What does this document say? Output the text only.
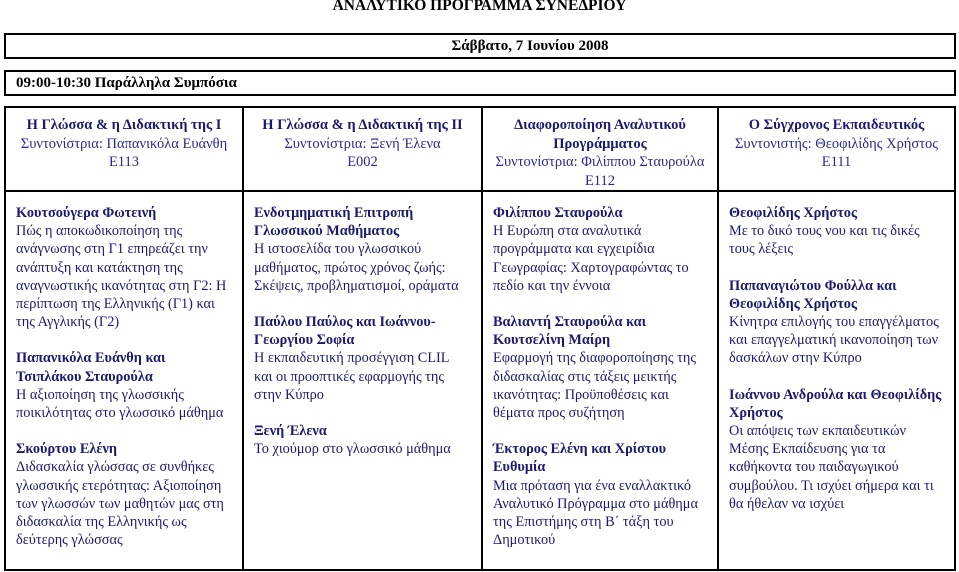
ΑΝΑΛΥΤΙΚΟ ΠΡΟΓΡΑΜΜΑ ΣΥΝΕΔΡΙΟΥ
Σάββατο, 7 Ιουνίου 2008
09:00-10:30 Παράλληλα Συμπόσια
Η Γλώσσα & η Διδακτική της Ι
Συντονίστρια: Παπανικόλα Ευάνθη
Ε113
Κουτσούγερα Φωτεινή
Πώς η αποκωδικοποίηση της ανάγνωσης στη Γ1 επηρεάζει την ανάπτυξη και κατάκτηση της αναγνωστικής ικανότητας στη Γ2: Η περίπτωση της Ελληνικής (Γ1) και της Αγγλικής (Γ2)
Παπανικόλα Ευάνθη και Τσιπλάκου Σταυρούλα
Η αξιοποίηση της γλωσσικής ποικιλότητας στο γλωσσικό μάθημα
Σκούρτου Ελένη
Διδασκαλία γλώσσας σε συνθήκες γλωσσικής ετερότητας: Αξιοποίηση των γλωσσών των μαθητών μας στη διδασκαλία της Ελληνικής ως δεύτερης γλώσσας
Η Γλώσσα & η Διδακτική της ΙΙ
Συντονίστρια: Ξενή Έλενα
Ε002
Ενδοτμηματική Επιτροπή Γλωσσικού Μαθήματος
Η ιστοσελίδα του γλωσσικού μαθήματος, πρώτος χρόνος ζωής: Σκέψεις, προβληματισμοί, οράματα
Παύλου Παύλος και Ιωάννου-Γεωργίου Σοφία
Η εκπαιδευτική προσέγγιση CLIL και οι προοπτικές εφαρμογής της στην Κύπρο
Ξενή Έλενα
Το χιούμορ στο γλωσσικό μάθημα
Διαφοροποίηση Αναλυτικού Προγράμματος
Συντονίστρια: Φιλίππου Σταυρούλα
Ε112
Φιλίππου Σταυρούλα
Η Ευρώπη στα αναλυτικά προγράμματα και εγχειρίδια Γεωγραφίας: Χαρτογραφώντας το πεδίο και την έννοια
Βαλιαντή Σταυρούλα και Κουτσελίνη Μαίρη
Εφαρμογή της διαφοροποίησης της διδασκαλίας στις τάξεις μεικτής ικανότητας: Προϋποθέσεις και θέματα προς συζήτηση
Έκτορος Ελένη και Χρίστου Ευθυμία
Μια πρόταση για ένα εναλλακτικό Αναλυτικό Πρόγραμμα στο μάθημα της Επιστήμης στη Β΄ τάξη του Δημοτικού
Ο Σύγχρονος Εκπαιδευτικός
Συντονιστής: Θεοφιλίδης Χρήστος
Ε111
Θεοφιλίδης Χρήστος
Με το δικό τους νου και τις δικές τους λέξεις
Παπαναγιώτου Φούλλα και Θεοφιλίδης Χρήστος
Κίνητρα επιλογής του επαγγέλματος και επαγγελματική ικανοποίηση των δασκάλων στην Κύπρο
Ιωάννου Ανδρούλα και Θεοφιλίδης Χρήστος
Οι απόψεις των εκπαιδευτικών Μέσης Εκπαίδευσης για τα καθήκοντα του παιδαγωγικού συμβούλου. Τι ισχύει σήμερα και τι θα ήθελαν να ισχύει
